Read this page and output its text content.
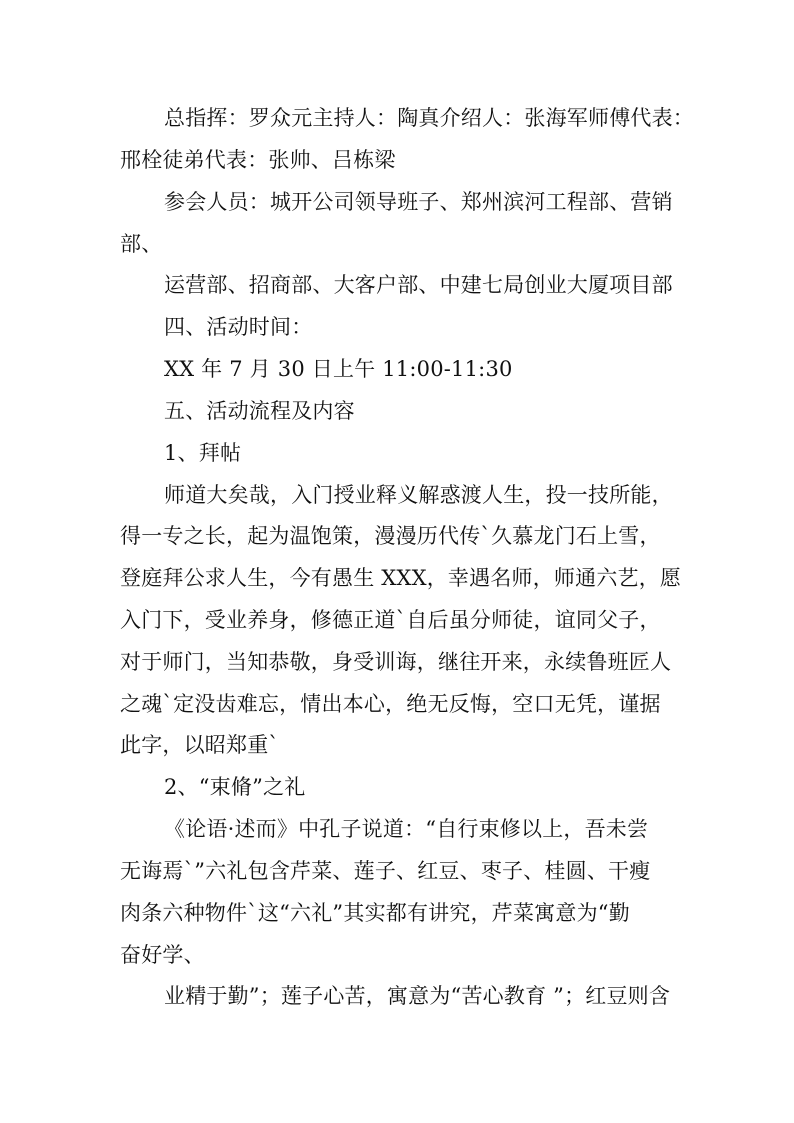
总指挥：罗众元主持人：陶真介绍人：张海军师傅代表：
邢栓徒弟代表：张帅、吕栋梁
参会人员：城开公司领导班子、郑州滨河工程部、营销
部、
运营部、招商部、大客户部、中建七局创业大厦项目部
四、活动时间：
XX 年 7 月 30 日上午 11:00-11:30
五、活动流程及内容
1、拜帖
师道大矣哉，入门授业释义解惑渡人生，投一技所能，
得一专之长，起为温饱策，漫漫历代传`久慕龙门石上雪，
登庭拜公求人生，今有愚生 XXX，幸遇名师，师通六艺，愿
入门下，受业养身，修德正道`自后虽分师徒，谊同父子，
对于师门，当知恭敬，身受训诲，继往开来，永续鲁班匠人
之魂`定没齿难忘，情出本心，绝无反悔，空口无凭，谨据
此字，以昭郑重`
2、“束脩”之礼
《论语·述而》中孔子说道：“自行束修以上，吾未尝
无诲焉`”六礼包含芹菜、莲子、红豆、枣子、桂圆、干瘦
肉条六种物件`这“六礼”其实都有讲究，芹菜寓意为“勤
奋好学、
业精于勤”；莲子心苦，寓意为“苦心教育 ”；红豆则含
